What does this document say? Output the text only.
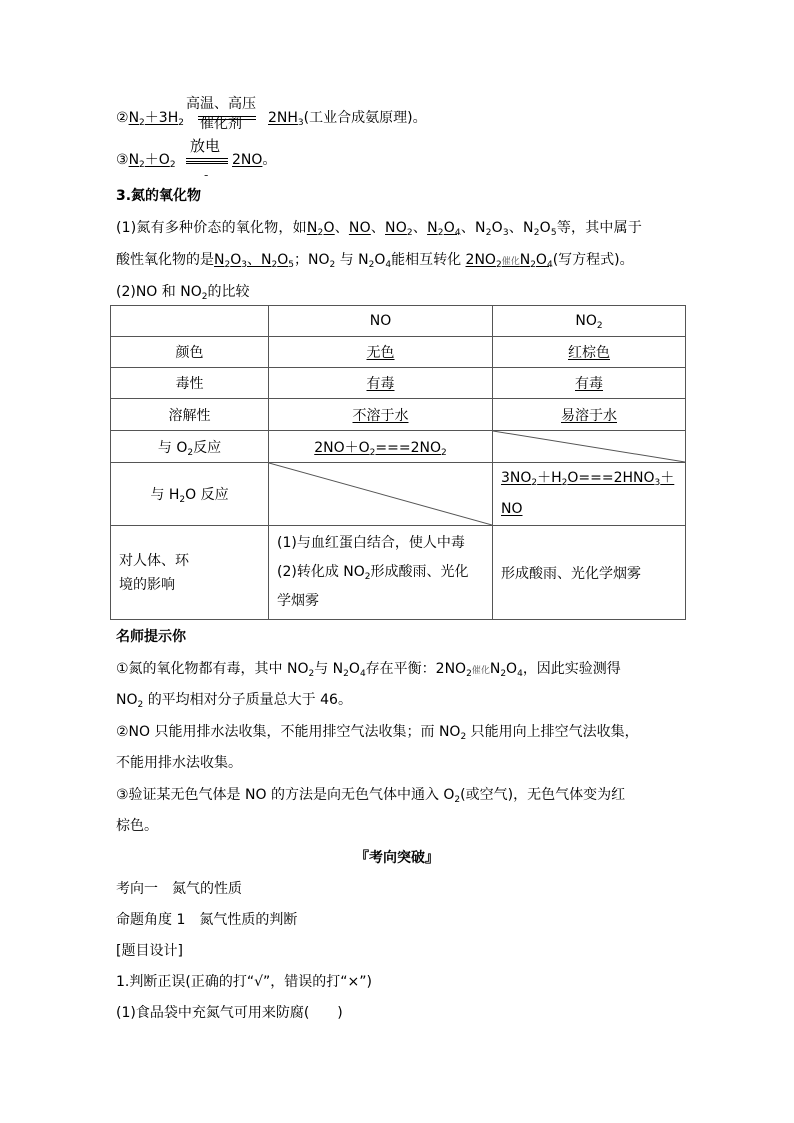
$②N_2+3H_2$
高温、高压
催化剂 $2NH_3$(工业合成氨原理)。
$③N_2+O_2$
放电
-
2NO。
3.氮的氧化物
(1)氮有多种价态的氧化物，如$N_2O$、NO、$NO_2$、$N_2O_4$、$N_2O_3$、$N_2O_5$等，其中属于
酸性氧化物的是$N_2O_3$、$N_2O_5$；$NO_2$ 与 $N_2O_4$能相互转化 $2NO_2$催化$N_2O_4$(写方程式)。
(2)NO 和 $NO_2$的比较
	NO	$NO_2$
颜色	无色	红棕色
毒性	有毒	有毒
溶解性	不溶于水	易溶于水
与 $O_2$反应	$2NO+O_2===2NO_2$	

与 $H_2O$ 反应		$3NO_2+H_2O===2HNO_3+$
NO
对人体、环
境的影响	(1)与血红蛋白结合，使人中毒
(2)转化成 $NO_2$形成酸雨、光化
学烟雾	形成酸雨、光化学烟雾
名师提示你
①氮的氧化物都有毒，其中 $NO_2$与 $N_2O_4$存在平衡：$2NO_2$催化$N_2O_4$，因此实验测得
$NO_2$ 的平均相对分子质量总大于 46。
②NO 只能用排水法收集，不能用排空气法收集；而 $NO_2$ 只能用向上排空气法收集，
不能用排水法收集。
③验证某无色气体是 NO 的方法是向无色气体中通入 $O_2$(或空气)，无色气体变为红
棕色。
『考向突破』
考向一　氮气的性质
命题角度 1　氮气性质的判断
[题目设计]
1.判断正误(正确的打“√”，错误的打“×”)
(1)食品袋中充氮气可用来防腐(　　)
